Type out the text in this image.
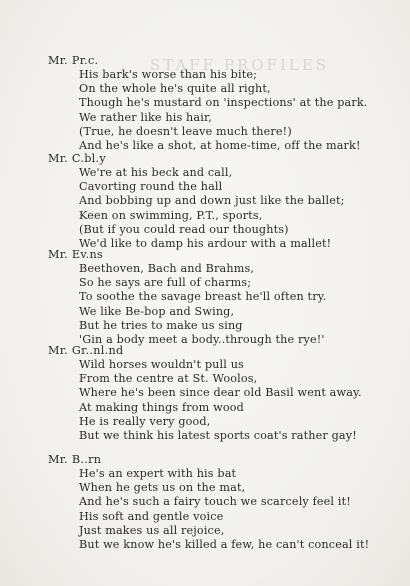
STAFF PROFILES

Mr. Pr.c.

His bark's worse than his bite;
On the whole he's quite all right,
Though he's mustard on 'inspections' at the park.
We rather like his hair,
(True, he doesn't leave much there!)
And he's like a shot, at home-time, off the mark!

Mr. C.bl.y

We're at his beck and call,
Cavorting round the hall
And bobbing up and down just like the ballet;
Keen on swimming, P.T., sports,
(But if you could read our thoughts)
We'd like to damp his ardour with a mallet!

Mr. Ev.ns

Beethoven, Bach and Brahms,
So he says are full of charms;
To soothe the savage breast he'll often try.
We like Be-bop and Swing,
But he tries to make us sing
'Gin a body meet a body..through the rye!'

Mr. Gr..nl.nd

Wild horses wouldn't pull us
From the centre at St. Woolos,
Where he's been since dear old Basil went away.
At making things from wood
He is really very good,
But we think his latest sports coat's rather gay!

Mr. B..rn

He's an expert with his bat
When he gets us on the mat,
And he's such a fairy touch we scarcely feel it!
His soft and gentle voice
Just makes us all rejoice,
But we know he's killed a few, he can't conceal it!
